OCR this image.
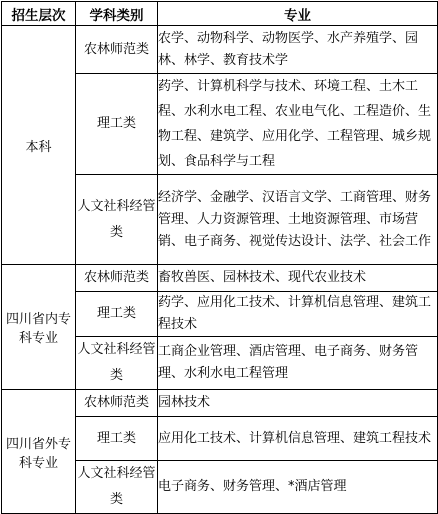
招生层次	学科类别	专业
本科	农林师范类	农学、动物科学、动物医学、水产养殖学、园林、林学、教育技术学
	理工类	药学、计算机科学与技术、环境工程、土木工程、水利水电工程、农业电气化、工程造价、生物工程、建筑学、应用化学、工程管理、城乡规划、食品科学与工程
	人文社科经管类	经济学、金融学、汉语言文学、工商管理、财务管理、人力资源管理、土地资源管理、市场营销、电子商务、视觉传达设计、法学、社会工作
四川省内专科专业	农林师范类	畜牧兽医、园林技术、现代农业技术
	理工类	药学、应用化工技术、计算机信息管理、建筑工程技术
	人文社科经管类	工商企业管理、酒店管理、电子商务、财务管理、水利水电工程管理
四川省外专科专业	农林师范类	园林技术
	理工类	应用化工技术、计算机信息管理、建筑工程技术
	人文社科经管类	电子商务、财务管理、*酒店管理
